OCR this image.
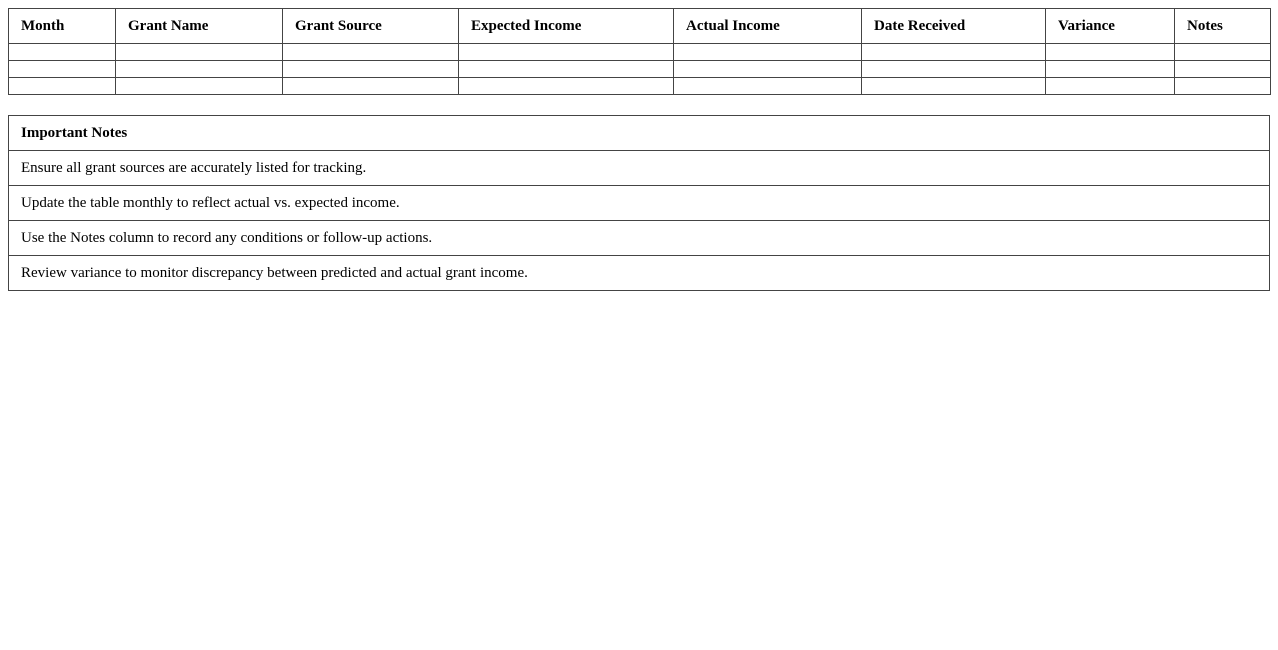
Month	Grant Name	Grant Source	Expected Income	Actual Income	Date Received	Variance	Notes

Important Notes
Ensure all grant sources are accurately listed for tracking.
Update the table monthly to reflect actual vs. expected income.
Use the Notes column to record any conditions or follow-up actions.
Review variance to monitor discrepancy between predicted and actual grant income.
